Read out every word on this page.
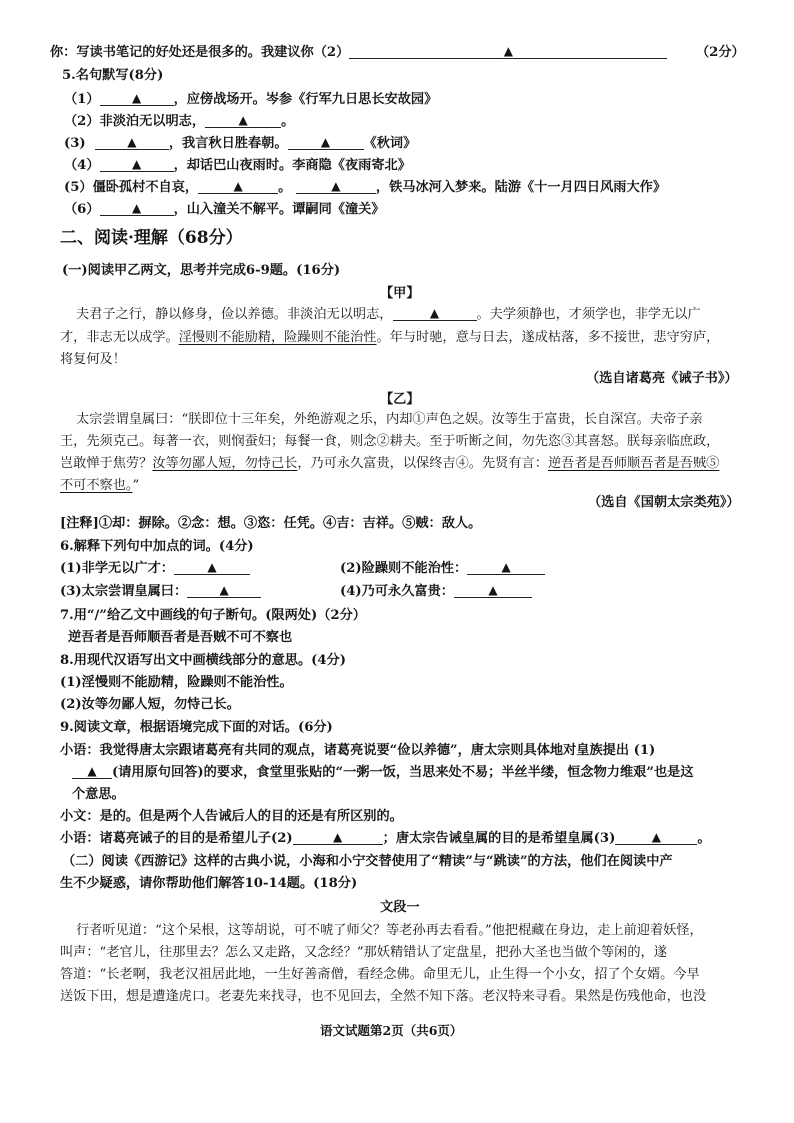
你：写读书笔记的好处还是很多的。我建议你（2）	▲	（2分）
5.名句默写(8分)
（1）	▲ ，应傍战场开。岑参《行军九日思长安故园》
（2）非淡泊无以明志，	▲	。
(3)	▲ ，我言秋日胜春朝。	▲	《秋词》
（4）	▲ ，却话巴山夜雨时。李商隐《夜雨寄北》
(5）僵卧孤村不自哀，	▲	。	▲	，铁马冰河入梦来。陆游《十一月四日风雨大作》
（6）	▲ ，山入潼关不解平。谭嗣同《潼关》
二、阅读·理解（68分）
(一)阅读甲乙两文，思考并完成6-9题。(16分)
【甲】
夫君子之行，静以修身，俭以养德。非淡泊无以明志，	▲	。夫学须静也，才须学也，非学无以广
才，非志无以成学。淫慢则不能励精，险躁则不能治性。年与时驰，意与日去，遂成枯落，多不接世，悲守穷庐，
将复何及！
（选自诸葛亮《诫子书》）
【乙】
太宗尝谓皇属曰：“朕即位十三年矣，外绝游观之乐，内却①声色之娱。汝等生于富贵，长自深宫。夫帝子亲
王，先须克己。每著一衣，则悯蚕妇；每餐一食，则念②耕夫。至于听断之间，勿先恣③其喜怒。朕每亲临庶政，
岂敢惮于焦劳？汝等勿鄙人短，勿恃己长，乃可永久富贵，以保终吉④。先贤有言：逆吾者是吾师顺吾者是吾贼⑤
不可不察也。”
（选自《国朝太宗类苑》）
[注释]①却：摒除。②念：想。③恣：任凭。④吉：吉祥。⑤贼：敌人。
6.解释下列句中加点的词。(4分)
(1)非学无以广才：	▲	(2)险躁则不能治性：	▲
(3)太宗尝谓皇属曰：	▲	(4)乃可永久富贵：	▲
7.用“/”给乙文中画线的句子断句。(限两处)（2分）
逆吾者是吾师顺吾者是吾贼不可不察也
8.用现代汉语写出文中画横线部分的意思。(4分)
(1)淫慢则不能励精，险躁则不能治性。
(2)汝等勿鄙人短，勿恃己长。
9.阅读文章，根据语境完成下面的对话。(6分)
小语：我觉得唐太宗跟诸葛亮有共同的观点，诸葛亮说要“俭以养德”，唐太宗则具体地对皇族提出 (1)
▲ (请用原句回答)的要求，食堂里张贴的“一粥一饭，当思来处不易；半丝半缕，恒念物力维艰”也是这
个意思。
小文：是的。但是两个人告诫后人的目的还是有所区别的。
小语：诸葛亮诫子的目的是希望儿子(2)	▲	；唐太宗告诫皇属的目的是希望皇属(3)	▲	。
（二）阅读《西游记》这样的古典小说，小海和小宁交替使用了“精读”与“跳读”的方法，他们在阅读中产
生不少疑惑，请你帮助他们解答10-14题。(18分)
文段一
行者听见道：“这个呆根，这等胡说，可不唬了师父？等老孙再去看看。”他把棍藏在身边，走上前迎着妖怪，
叫声：“老官儿，往那里去？怎么又走路，又念经？”那妖精错认了定盘星，把孙大圣也当做个等闲的，遂
答道：“长老啊，我老汉祖居此地，一生好善斋僧，看经念佛。命里无儿，止生得一个小女，招了个女婿。今早
送饭下田，想是遭逢虎口。老妻先来找寻，也不见回去，全然不知下落。老汉特来寻看。果然是伤残他命，也没
语文试题第2页（共6页）
